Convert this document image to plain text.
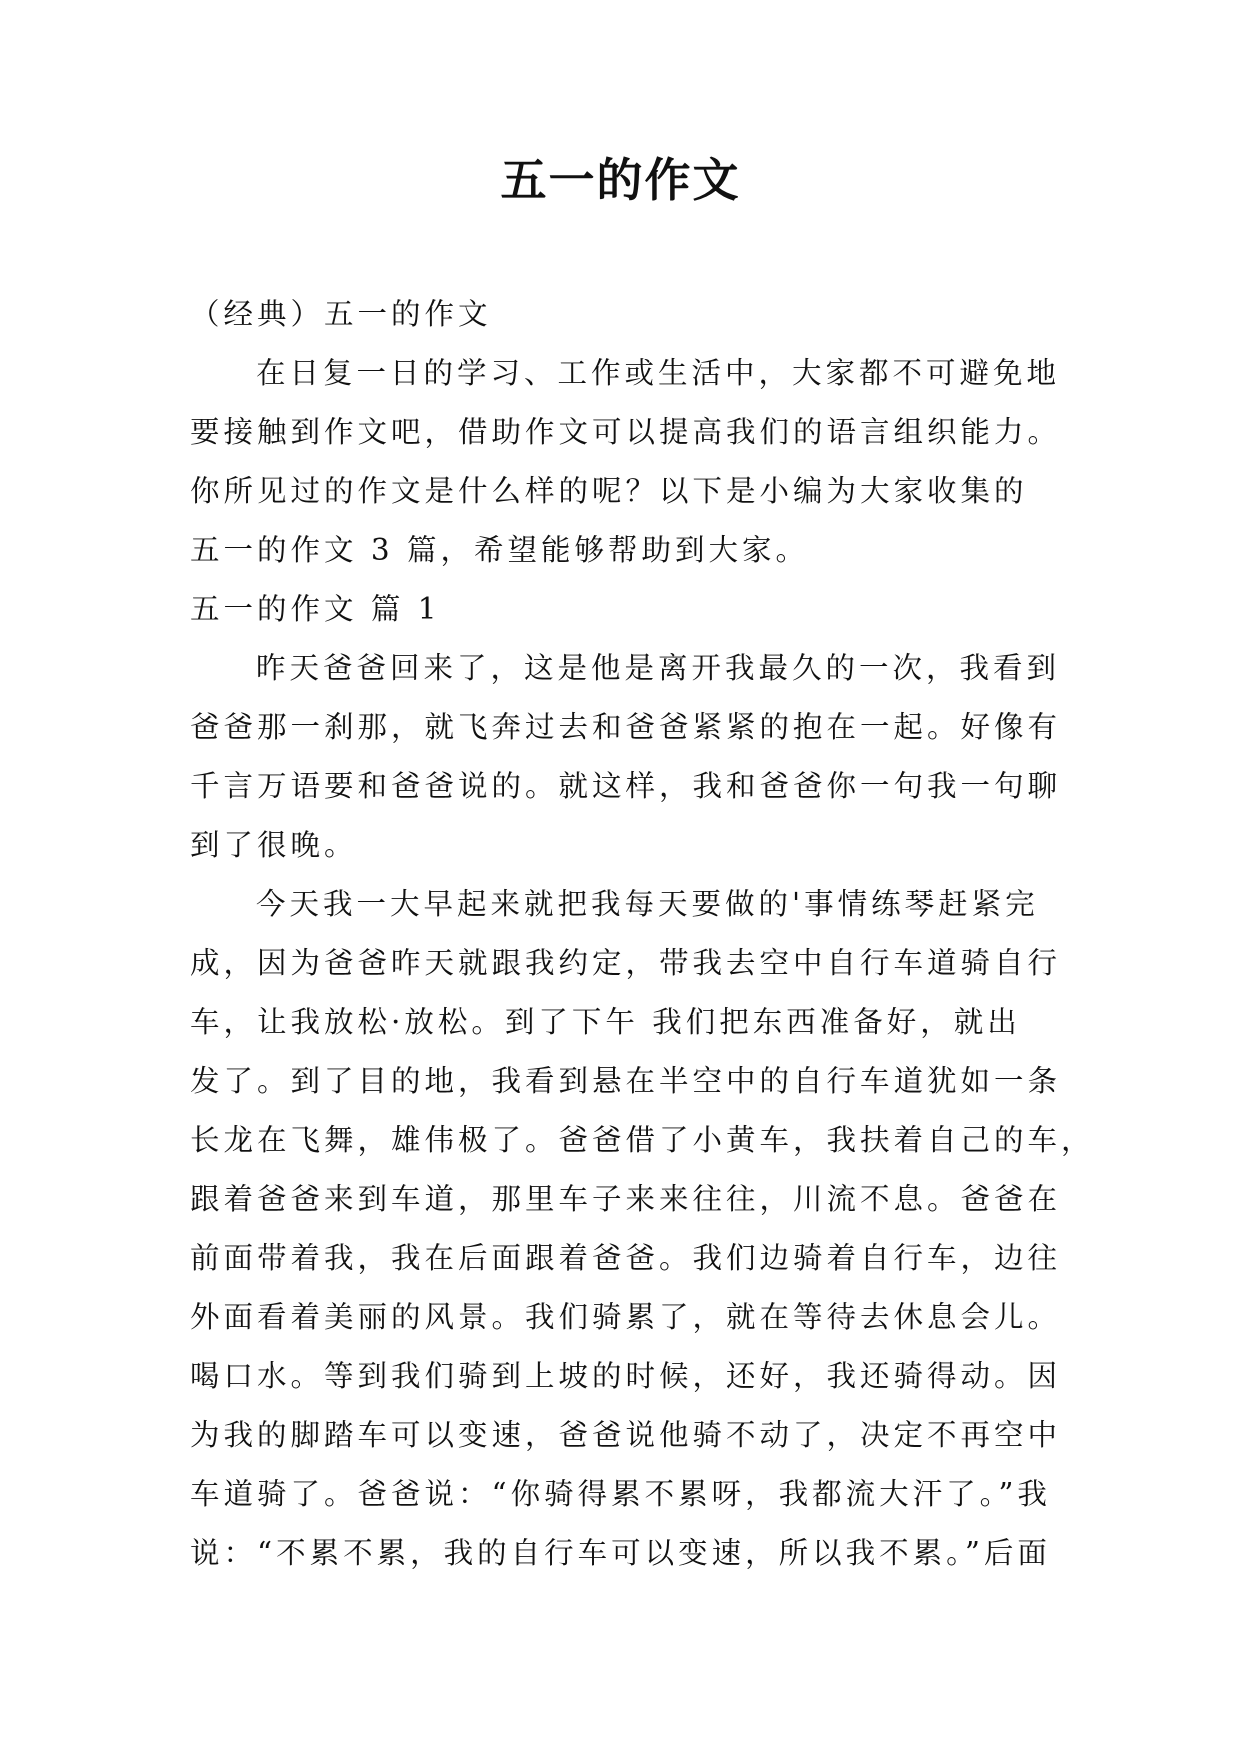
五一的作文
（经典）五一的作文
在日复一日的学习、工作或生活中，大家都不可避免地
要接触到作文吧，借助作文可以提高我们的语言组织能力。
你所见过的作文是什么样的呢？以下是小编为大家收集的
五一的作文 3 篇，希望能够帮助到大家。
五一的作文 篇 1
昨天爸爸回来了，这是他是离开我最久的一次，我看到
爸爸那一刹那，就飞奔过去和爸爸紧紧的抱在一起。好像有
千言万语要和爸爸说的。就这样，我和爸爸你一句我一句聊
到了很晚。
今天我一大早起来就把我每天要做的'事情练琴赶紧完
成，因为爸爸昨天就跟我约定，带我去空中自行车道骑自行
车，让我放松·放松。到了下午 我们把东西准备好，就出
发了。到了目的地，我看到悬在半空中的自行车道犹如一条
长龙在飞舞，雄伟极了。爸爸借了小黄车，我扶着自己的车，
跟着爸爸来到车道，那里车子来来往往，川流不息。爸爸在
前面带着我，我在后面跟着爸爸。我们边骑着自行车，边往
外面看着美丽的风景。我们骑累了，就在等待去休息会儿。
喝口水。等到我们骑到上坡的时候，还好，我还骑得动。因
为我的脚踏车可以变速，爸爸说他骑不动了，决定不再空中
车道骑了。爸爸说：“你骑得累不累呀，我都流大汗了。”我
说：“不累不累，我的自行车可以变速，所以我不累。”后面
